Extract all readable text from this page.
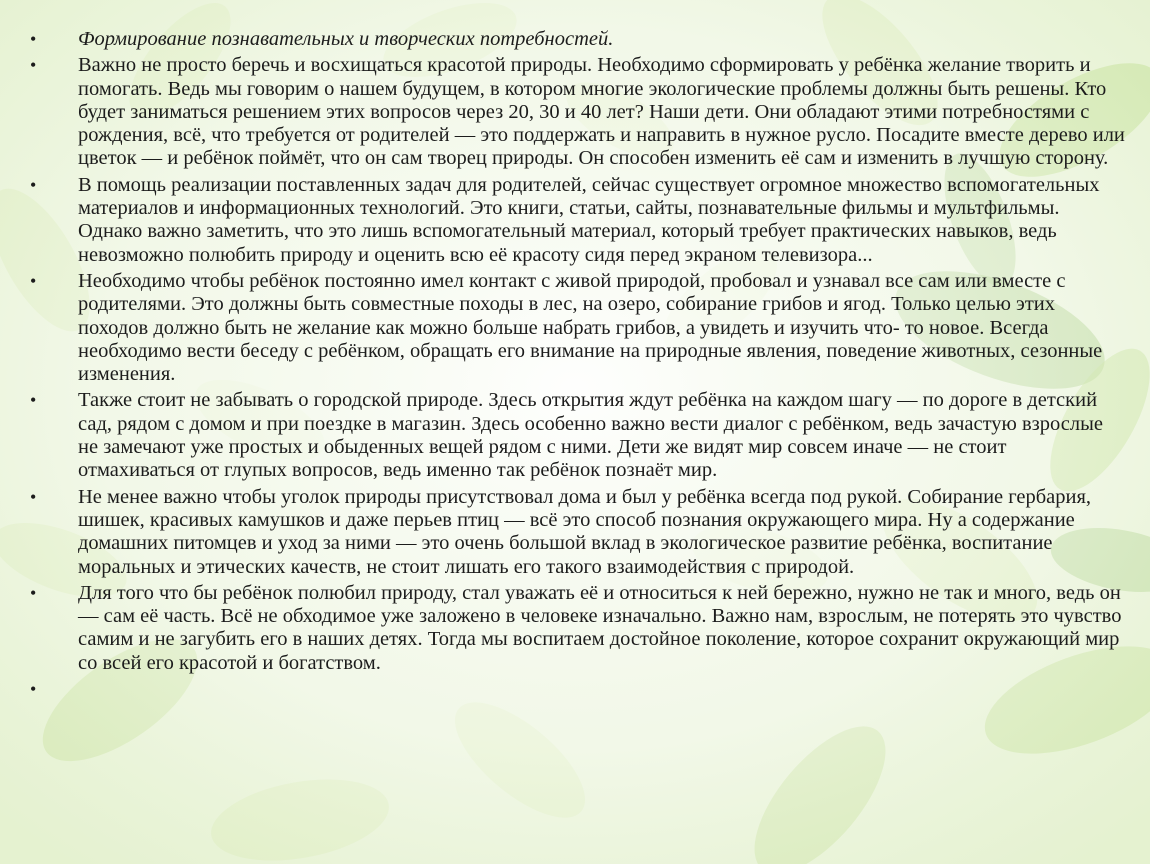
• Формирование познавательных и творческих потребностей.
• Важно не просто беречь и восхищаться красотой природы. Необходимо сформировать у ребёнка желание творить и помогать. Ведь мы говорим о нашем будущем, в котором многие экологические проблемы должны быть решены. Кто будет заниматься решением этих вопросов через 20, 30 и 40 лет? Наши дети. Они обладают этими потребностями с рождения, всё, что требуется от родителей — это поддержать и направить в нужное русло. Посадите вместе дерево или цветок — и ребёнок поймёт, что он сам творец природы. Он способен изменить её сам и изменить в лучшую сторону.
• В помощь реализации поставленных задач для родителей, сейчас существует огромное множество вспомогательных материалов и информационных технологий. Это книги, статьи, сайты, познавательные фильмы и мультфильмы. Однако важно заметить, что это лишь вспомогательный материал, который требует практических навыков, ведь невозможно полюбить природу и оценить всю её красоту сидя перед экраном телевизора...
• Необходимо чтобы ребёнок постоянно имел контакт с живой природой, пробовал и узнавал все сам или вместе с родителями. Это должны быть совместные походы в лес, на озеро, собирание грибов и ягод. Только целью этих походов должно быть не желание как можно больше набрать грибов, а увидеть и изучить что- то новое. Всегда необходимо вести беседу с ребёнком, обращать его внимание на природные явления, поведение животных, сезонные изменения.
• Также стоит не забывать о городской природе. Здесь открытия ждут ребёнка на каждом шагу — по дороге в детский сад, рядом с домом и при поездке в магазин. Здесь особенно важно вести диалог с ребёнком, ведь зачастую взрослые не замечают уже простых и обыденных вещей рядом с ними. Дети же видят мир совсем иначе — не стоит отмахиваться от глупых вопросов, ведь именно так ребёнок познаёт мир.
• Не менее важно чтобы уголок природы присутствовал дома и был у ребёнка всегда под рукой. Собирание гербария, шишек, красивых камушков и даже перьев птиц — всё это способ познания окружающего мира. Ну а содержание домашних питомцев и уход за ними — это очень большой вклад в экологическое развитие ребёнка, воспитание моральных и этических качеств, не стоит лишать его такого взаимодействия с природой.
• Для того что бы ребёнок полюбил природу, стал уважать её и относиться к ней бережно, нужно не так и много, ведь он — сам её часть. Всё не обходимое уже заложено в человеке изначально. Важно нам, взрослым, не потерять это чувство самим и не загубить его в наших детях. Тогда мы воспитаем достойное поколение, которое сохранит окружающий мир со всей его красотой и богатством.
•
